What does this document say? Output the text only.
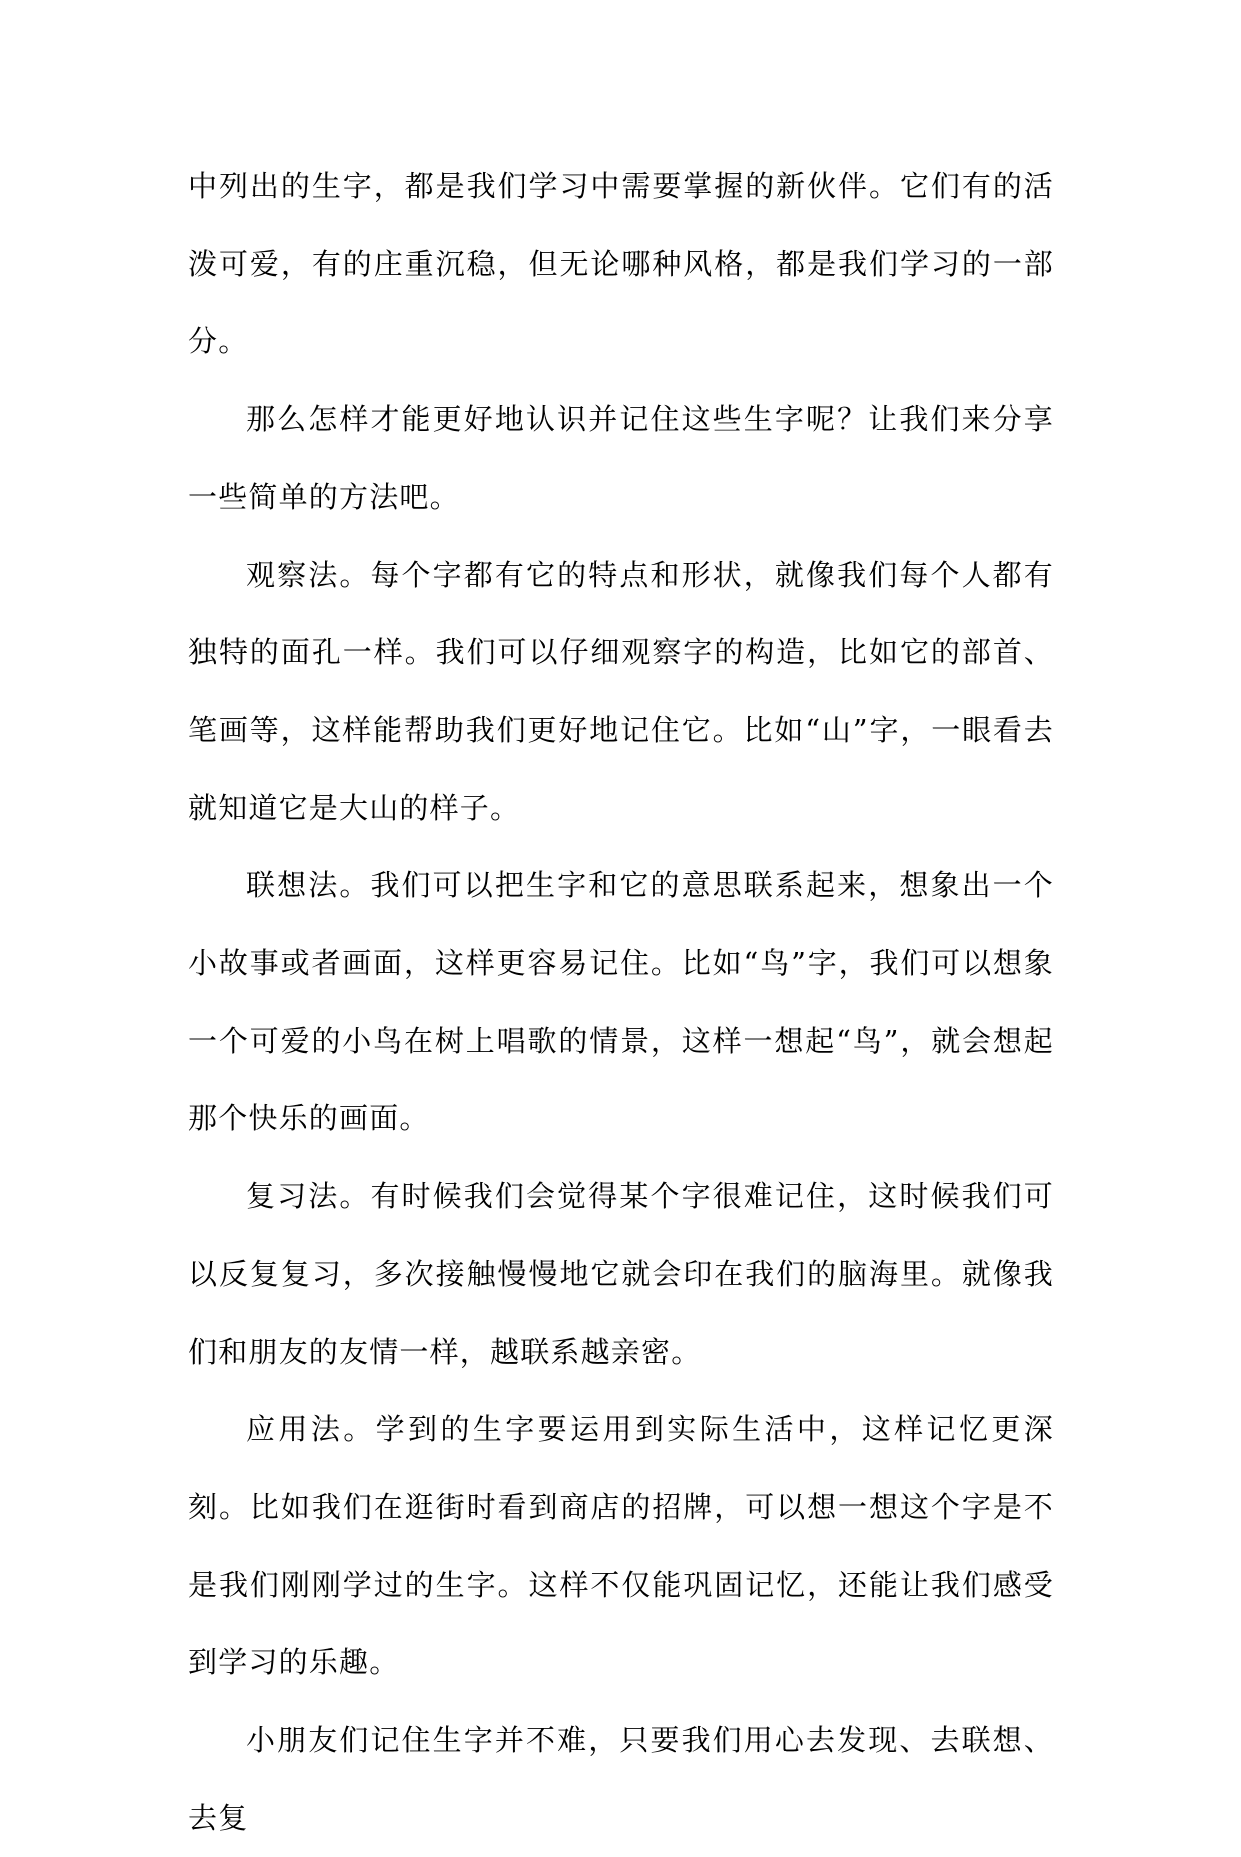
中列出的生字，都是我们学习中需要掌握的新伙伴。它们有的活泼可爱，有的庄重沉稳，但无论哪种风格，都是我们学习的一部分。

那么怎样才能更好地认识并记住这些生字呢？让我们来分享一些简单的方法吧。

观察法。每个字都有它的特点和形状，就像我们每个人都有独特的面孔一样。我们可以仔细观察字的构造，比如它的部首、笔画等，这样能帮助我们更好地记住它。比如“山”字，一眼看去就知道它是大山的样子。

联想法。我们可以把生字和它的意思联系起来，想象出一个小故事或者画面，这样更容易记住。比如“鸟”字，我们可以想象一个可爱的小鸟在树上唱歌的情景，这样一想起“鸟”，就会想起那个快乐的画面。

复习法。有时候我们会觉得某个字很难记住，这时候我们可以反复复习，多次接触慢慢地它就会印在我们的脑海里。就像我们和朋友的友情一样，越联系越亲密。

应用法。学到的生字要运用到实际生活中，这样记忆更深刻。比如我们在逛街时看到商店的招牌，可以想一想这个字是不是我们刚刚学过的生字。这样不仅能巩固记忆，还能让我们感受到学习的乐趣。

小朋友们记住生字并不难，只要我们用心去发现、去联想、去复
